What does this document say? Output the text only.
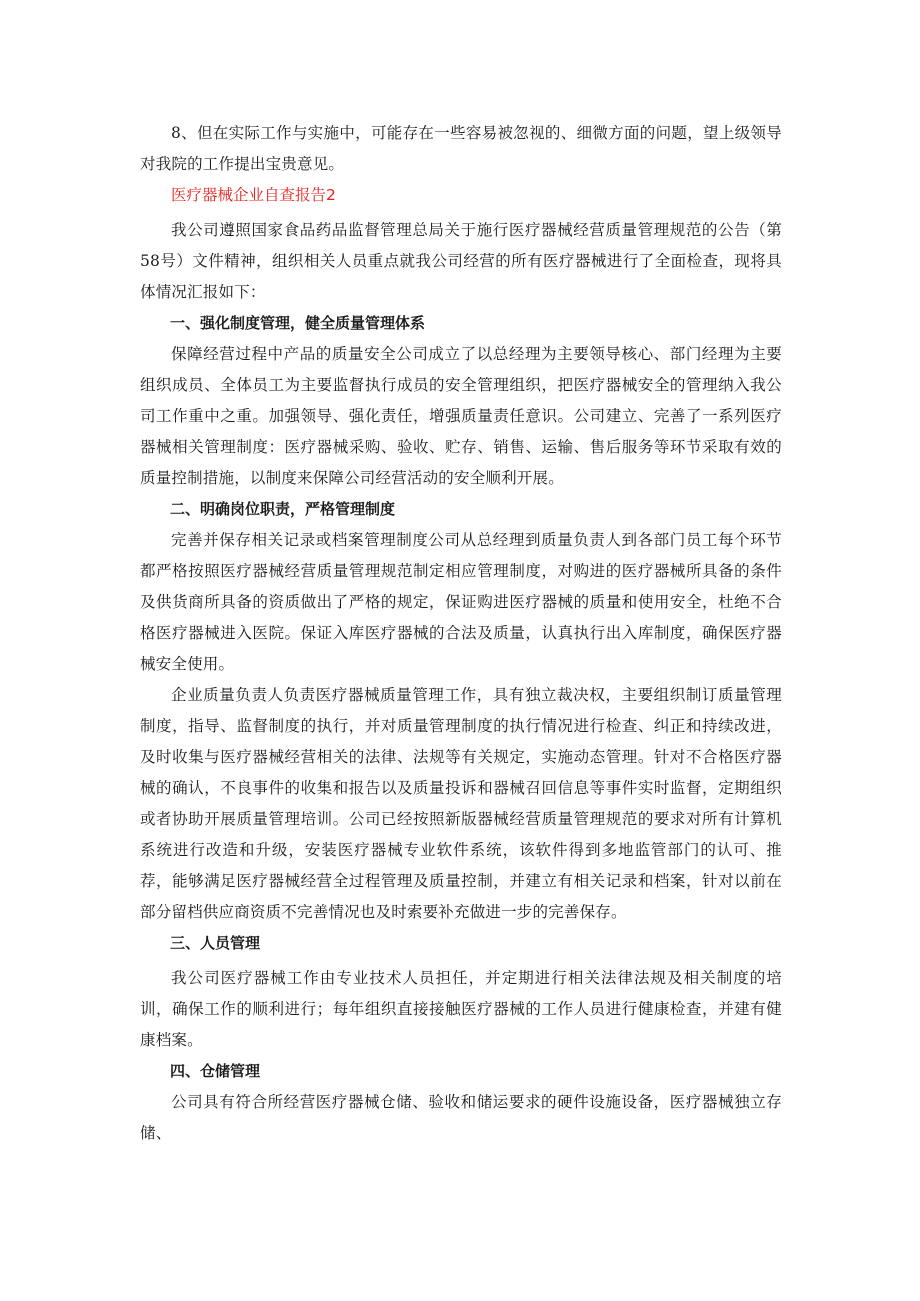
8、但在实际工作与实施中，可能存在一些容易被忽视的、细微方面的问题，望上级领导对我院的工作提出宝贵意见。

医疗器械企业自查报告2

我公司遵照国家食品药品监督管理总局关于施行医疗器械经营质量管理规范的公告（第58号）文件精神，组织相关人员重点就我公司经营的所有医疗器械进行了全面检查，现将具体情况汇报如下：

一、强化制度管理，健全质量管理体系

保障经营过程中产品的质量安全公司成立了以总经理为主要领导核心、部门经理为主要组织成员、全体员工为主要监督执行成员的安全管理组织，把医疗器械安全的管理纳入我公司工作重中之重。加强领导、强化责任，增强质量责任意识。公司建立、完善了一系列医疗器械相关管理制度：医疗器械采购、验收、贮存、销售、运输、售后服务等环节采取有效的质量控制措施，以制度来保障公司经营活动的安全顺利开展。

二、明确岗位职责，严格管理制度

完善并保存相关记录或档案管理制度公司从总经理到质量负责人到各部门员工每个环节都严格按照医疗器械经营质量管理规范制定相应管理制度，对购进的医疗器械所具备的条件及供货商所具备的资质做出了严格的规定，保证购进医疗器械的质量和使用安全，杜绝不合格医疗器械进入医院。保证入库医疗器械的合法及质量，认真执行出入库制度，确保医疗器械安全使用。

企业质量负责人负责医疗器械质量管理工作，具有独立裁决权，主要组织制订质量管理制度，指导、监督制度的执行，并对质量管理制度的执行情况进行检查、纠正和持续改进，及时收集与医疗器械经营相关的法律、法规等有关规定，实施动态管理。针对不合格医疗器械的确认，不良事件的收集和报告以及质量投诉和器械召回信息等事件实时监督，定期组织或者协助开展质量管理培训。公司已经按照新版器械经营质量管理规范的要求对所有计算机系统进行改造和升级，安装医疗器械专业软件系统，该软件得到多地监管部门的认可、推荐，能够满足医疗器械经营全过程管理及质量控制，并建立有相关记录和档案，针对以前在部分留档供应商资质不完善情况也及时索要补充做进一步的完善保存。

三、人员管理

我公司医疗器械工作由专业技术人员担任，并定期进行相关法律法规及相关制度的培训，确保工作的顺利进行；每年组织直接接触医疗器械的工作人员进行健康检查，并建有健康档案。

四、仓储管理

公司具有符合所经营医疗器械仓储、验收和储运要求的硬件设施设备，医疗器械独立存储、
